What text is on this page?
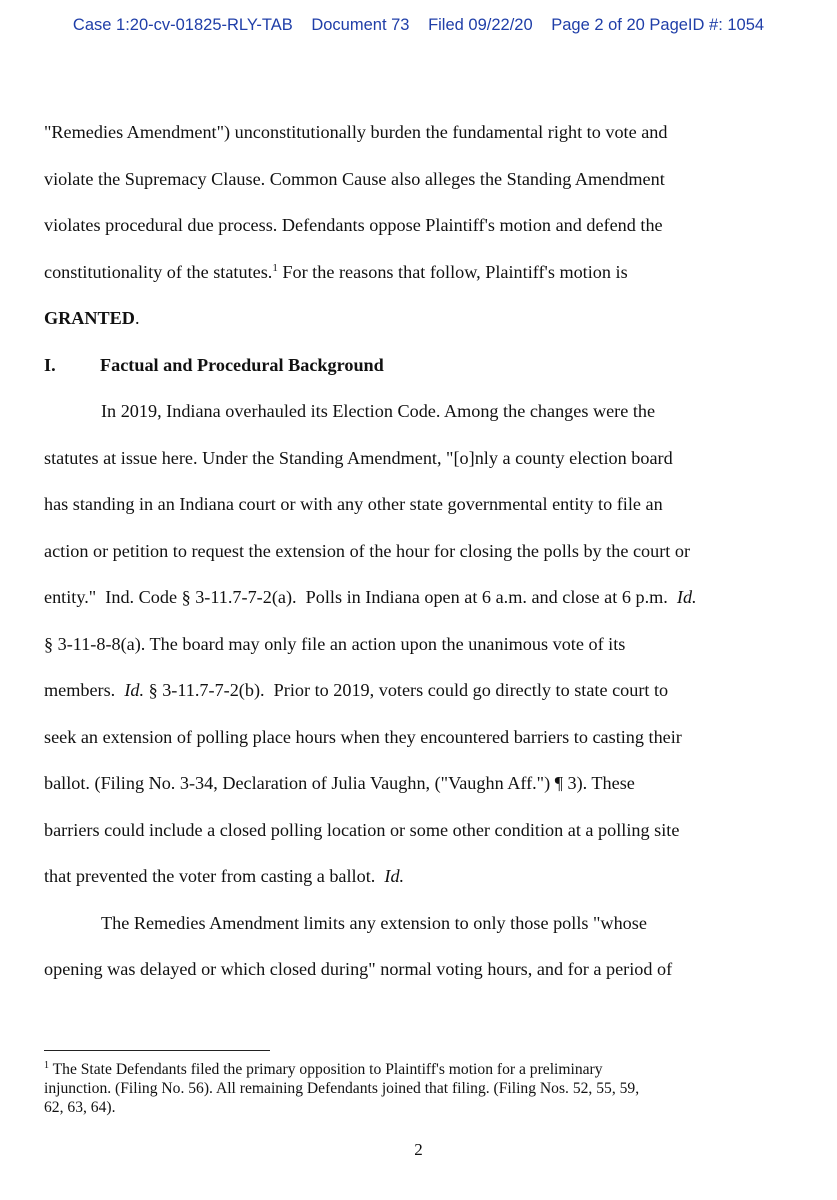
Case 1:20-cv-01825-RLY-TAB Document 73 Filed 09/22/20 Page 2 of 20 PageID #: 1054
"Remedies Amendment") unconstitutionally burden the fundamental right to vote and
violate the Supremacy Clause. Common Cause also alleges the Standing Amendment
violates procedural due process. Defendants oppose Plaintiff's motion and defend the
constitutionality of the statutes.$^1$ For the reasons that follow, Plaintiff's motion is
GRANTED.
I. Factual and Procedural Background
In 2019, Indiana overhauled its Election Code. Among the changes were the
statutes at issue here. Under the Standing Amendment, "[o]nly a county election board
has standing in an Indiana court or with any other state governmental entity to file an
action or petition to request the extension of the hour for closing the polls by the court or
entity."  Ind. Code § 3-11.7-7-2(a).  Polls in Indiana open at 6 a.m. and close at 6 p.m.  Id.
§ 3-11-8-8(a). The board may only file an action upon the unanimous vote of its
members.  Id. § 3-11.7-7-2(b).  Prior to 2019, voters could go directly to state court to
seek an extension of polling place hours when they encountered barriers to casting their
ballot. (Filing No. 3-34, Declaration of Julia Vaughn, ("Vaughn Aff.") ¶ 3). These
barriers could include a closed polling location or some other condition at a polling site
that prevented the voter from casting a ballot.  Id.
The Remedies Amendment limits any extension to only those polls "whose
opening was delayed or which closed during" normal voting hours, and for a period of
$^1$ The State Defendants filed the primary opposition to Plaintiff's motion for a preliminary
injunction. (Filing No. 56). All remaining Defendants joined that filing. (Filing Nos. 52, 55, 59,
62, 63, 64).
2
